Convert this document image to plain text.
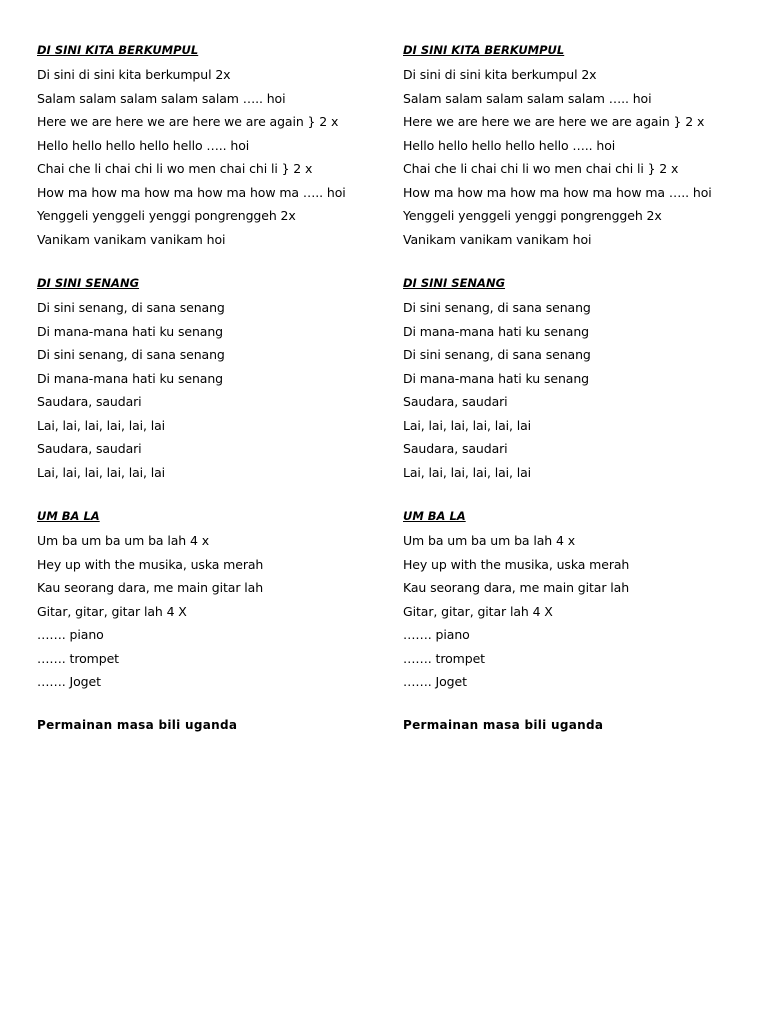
DI SINI KITA BERKUMPUL
Di sini di sini kita berkumpul 2x
Salam salam salam salam salam ….. hoi
Here we are here we are here we are again } 2 x
Hello hello hello hello hello ….. hoi
Chai che li chai chi li wo men chai chi li } 2 x
How ma how ma how ma how ma how ma ….. hoi
Yenggeli yenggeli yenggi pongrenggeh 2x
Vanikam vanikam vanikam hoi
DI SINI SENANG
Di sini senang, di sana senang
Di mana-mana hati ku senang
Di sini senang, di sana senang
Di mana-mana hati ku senang
Saudara, saudari
Lai, lai, lai, lai, lai, lai
Saudara, saudari
Lai, lai, lai, lai, lai, lai
UM BA LA
Um ba um ba um ba lah 4 x
Hey up with the musika, uska merah
Kau seorang dara, me main gitar lah
Gitar, gitar, gitar lah 4 X
……. piano
……. trompet
……. Joget
Permainan masa bili uganda
DI SINI KITA BERKUMPUL
Di sini di sini kita berkumpul 2x
Salam salam salam salam salam ….. hoi
Here we are here we are here we are again } 2 x
Hello hello hello hello hello ….. hoi
Chai che li chai chi li wo men chai chi li } 2 x
How ma how ma how ma how ma how ma ….. hoi
Yenggeli yenggeli yenggi pongrenggeh 2x
Vanikam vanikam vanikam hoi
DI SINI SENANG
Di sini senang, di sana senang
Di mana-mana hati ku senang
Di sini senang, di sana senang
Di mana-mana hati ku senang
Saudara, saudari
Lai, lai, lai, lai, lai, lai
Saudara, saudari
Lai, lai, lai, lai, lai, lai
UM BA LA
Um ba um ba um ba lah 4 x
Hey up with the musika, uska merah
Kau seorang dara, me main gitar lah
Gitar, gitar, gitar lah 4 X
……. piano
……. trompet
……. Joget
Permainan masa bili uganda
